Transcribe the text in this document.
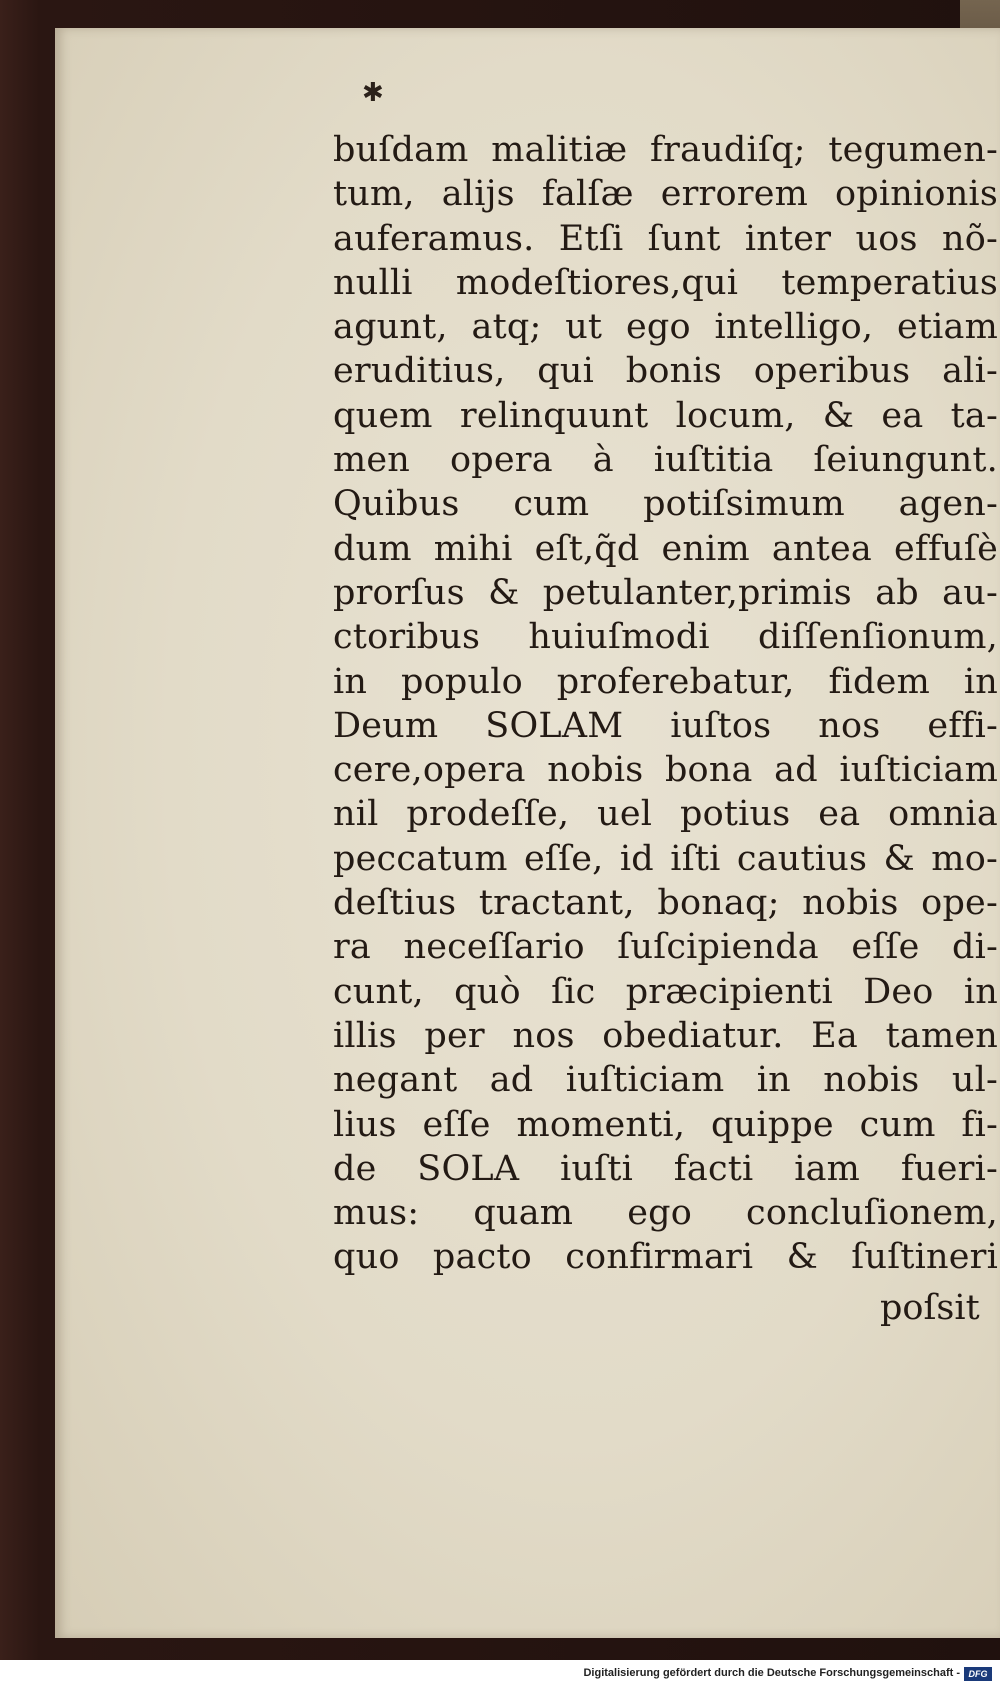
✱
buſdam malitiæ fraudiſq; tegumen-
tum, aliјs falſæ errorem opinionis
auferamus. Etſi ſunt inter uos nõ-
nulli modeſtiores,qui temperatius
agunt, atq; ut ego intelligo, etiam
eruditius, qui bonis operibus ali-
quem relinquunt locum, & ea ta-
men opera à iuſtitia ſeiungunt.
Quibus cum potiſsimum agen-
dum mihi eſt,q̃d enim antea effuſè
prorſus & petulanter,primis ab au-
ctoribus huiuſmodi diſſenſionum,
in populo proferebatur, fidem in
Deum SOLAM iuſtos nos effi-
cere,opera nobis bona ad iuſticiam
nil prodeſſe, uel potius ea omnia
peccatum eſſe, id iſti cautius & mo-
deſtius tractant, bonaq; nobis ope-
ra neceſſario ſuſcipienda eſſe di-
cunt, quò ſic præcipienti Deo in
illis per nos obediatur. Ea tamen
negant ad iuſticiam in nobis ul-
lius eſſe momenti, quippe cum fi-
de SOLA iuſti facti iam fueri-
mus: quam ego concluſionem,
quo pacto confirmari & ſuſtineri
poſsit
Digitalisierung gefördert durch die Deutsche Forschungsgemeinschaft - DFG
